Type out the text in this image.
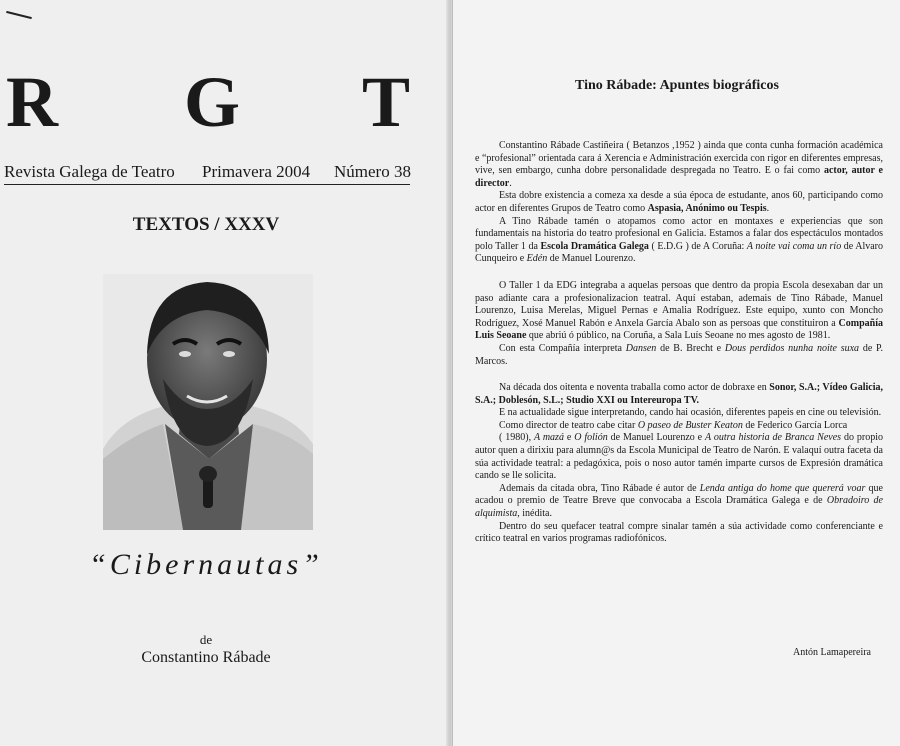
R G T
Revista Galega de Teatro Primavera 2004 Número 38
TEXTOS / XXXV
“Cibernautas”
de
Constantino Rábade
Tino Rábade: Apuntes biográficos

Constantino Rábade Castiñeira ( Betanzos ,1952 ) ainda que conta cunha formación académica e “profesional” orientada cara á Xerencia e Administración exercida con rigor en diferentes empresas, vive, sen embargo, cunha dobre personalidade despregada no Teatro. E o fai como actor, autor e director.

Esta dobre existencia a comeza xa desde a súa época de estudante, anos 60, participando como actor en diferentes Grupos de Teatro como Aspasia, Anónimo ou Tespis.

A Tino Rábade tamén o atopamos como actor en montaxes e experiencias que son fundamentais na historia do teatro profesional en Galicia. Estamos a falar dos espectáculos montados polo Taller 1 da Escola Dramática Galega ( E.D.G ) de A Coruña: A noite vai coma un río de Alvaro Cunqueiro e Edén de Manuel Lourenzo.

O Taller 1 da EDG integraba a aquelas persoas que dentro da propia Escola desexaban dar un paso adiante cara a profesionalizacion teatral. Aquí estaban, ademais de Tino Rábade, Manuel Lourenzo, Luisa Merelas, Miguel Pernas e Amalia Rodríguez. Este equipo, xunto con Moncho Rodríguez, Xosé Manuel Rabón e Anxela García Abalo son as persoas que constituiron a Compañía Luis Seoane que abriú ó público, na Coruña, a Sala Luís Seoane no mes agosto de 1981.

Con esta Compañía interpreta Dansen de B. Brecht e Dous perdidos nunha noite suxa de P. Marcos.

Na década dos oitenta e noventa traballa como actor de dobraxe en Sonor, S.A.; Vídeo Galicia, S.A.; Doblesón, S.L.; Studio XXI ou Intereuropa TV.

E na actualidade sigue interpretando, cando hai ocasión, diferentes papeis en cine ou televisión.

Como director de teatro cabe citar O paseo de Buster Keaton de Federico García Lorca

( 1980), A mazá e O folión de Manuel Lourenzo e A outra historia de Branca Neves do propio autor quen a dirixiu para alumn@s da Escola Municipal de Teatro de Narón. E valaquí outra faceta da súa actividade teatral: a pedagóxica, pois o noso autor tamén imparte cursos de Expresión dramática cando se lle solicita.

Ademais da citada obra, Tino Rábade é autor de Lenda antiga do home que quererá voar que acadou o premio de Teatre Breve que convocaba a Escola Dramática Galega e de Obradoiro de alquimista, inédita.

Dentro do seu quefacer teatral compre sinalar tamén a súa actividade como conferenciante e crítico teatral en varios programas radiofónicos.

Antón Lamapereira
